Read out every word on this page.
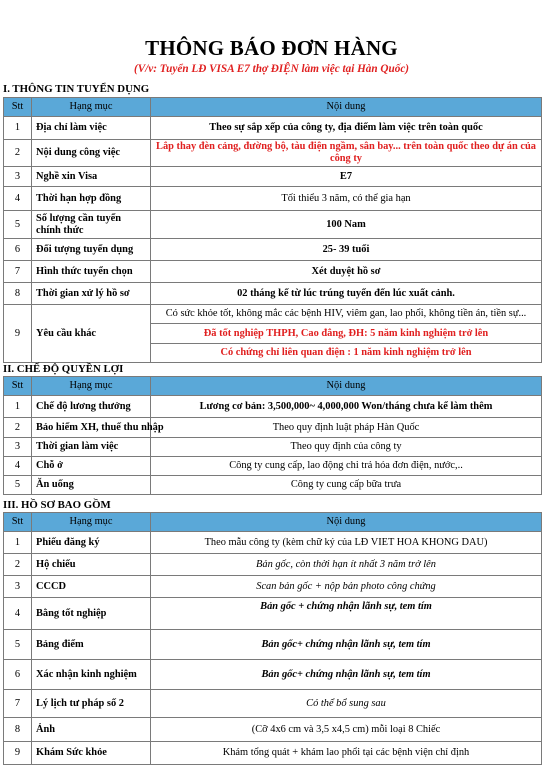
THÔNG BÁO ĐƠN HÀNG
(V/v: Tuyển LĐ VISA E7 thợ ĐIỆN làm việc tại Hàn Quốc)
I. THÔNG TIN TUYỂN DỤNG
Stt	Hạng mục	Nội dung
1	Địa chỉ làm việc	Theo sự sắp xếp của công ty, địa điểm làm việc trên toàn quốc
2	Nội dung công việc	Lắp thay đèn cảng, đường bộ, tàu điện ngầm, sân bay... trên toàn quốc theo dự án của công ty
3	Nghề xin Visa	E7
4	Thời hạn hợp đồng	Tối thiểu 3 năm, có thể gia hạn
5	Số lượng cần tuyển chính thức	100 Nam
6	Đối tượng tuyển dụng	25- 39 tuổi
7	Hình thức tuyển chọn	Xét duyệt hồ sơ
8	Thời gian xử lý hồ sơ	02 tháng kể từ lúc trúng tuyển đến lúc xuất cảnh.
9	Yêu cầu khác	Có sức khỏe tốt, không mắc các bệnh HIV, viêm gan, lao phổi, không tiền án, tiền sự...
Đã tốt nghiệp THPH, Cao đẳng, ĐH: 5 năm kinh nghiệm trở lên
Có chứng chỉ liên quan điện : 1 năm kinh nghiệm trở lên
II. CHẾ ĐỘ QUYỀN LỢI
Stt	Hạng mục	Nội dung
1	Chế độ lương thưởng	Lương cơ bản: 3,500,000~ 4,000,000 Won/tháng chưa kể làm thêm
2	Bảo hiểm XH, thuế thu nhập	Theo quy định luật pháp Hàn Quốc
3	Thời gian làm việc	Theo quy định của công ty
4	Chỗ ở	Công ty cung cấp, lao động chi trả hóa đơn điện, nước,..
5	Ăn uống	Công ty cung cấp bữa trưa
III. HỒ SƠ BAO GỒM
Stt	Hạng mục	Nội dung
1	Phiếu đăng ký	Theo mẫu công ty (kèm chữ ký của LĐ VIET HOA KHONG DAU)
2	Hộ chiếu	Bản gốc, còn thời hạn ít nhất 3 năm trở lên
3	CCCD	Scan bản gốc + nộp bản photo công chứng
4	Bằng tốt nghiệp	Bản gốc + chứng nhận lãnh sự, tem tím
5	Bảng điểm	Bản gốc+ chứng nhận lãnh sự, tem tím
6	Xác nhận kinh nghiệm	Bản gốc+ chứng nhận lãnh sự, tem tím
7	Lý lịch tư pháp số 2	Có thể bổ sung sau
8	Ảnh	(Cỡ 4x6 cm và 3,5 x4,5 cm) mỗi loại 8 Chiếc
9	Khám Sức khỏe	Khám tổng quát + khám lao phổi tại các bệnh viện chỉ định
